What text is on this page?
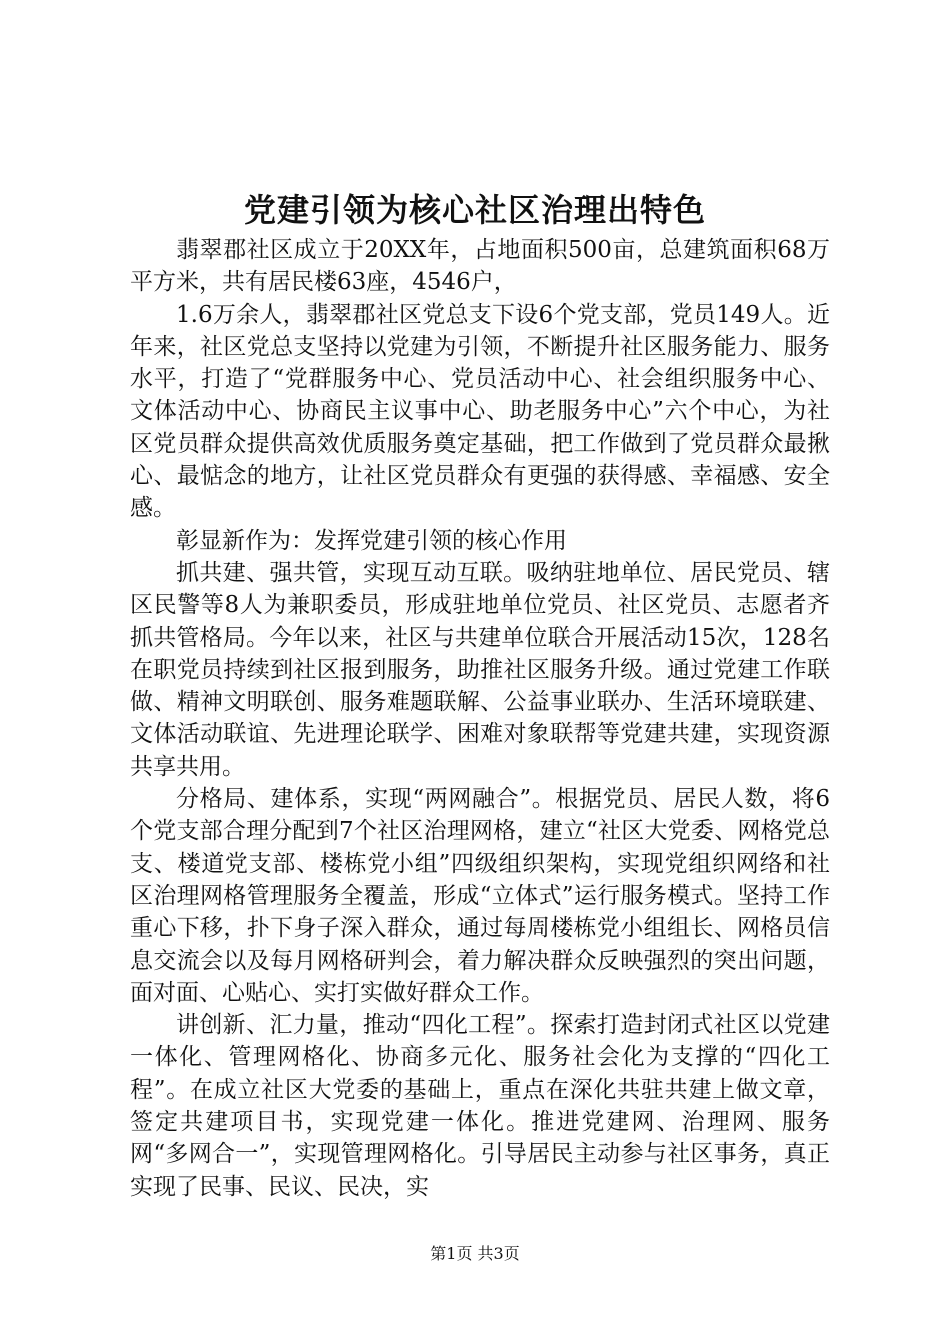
党建引领为核心社区治理出特色

翡翠郡社区成立于20XX年，占地面积500亩，总建筑面积68万平方米，共有居民楼63座，4546户，

1.6万余人，翡翠郡社区党总支下设6个党支部，党员149人。近年来，社区党总支坚持以党建为引领，不断提升社区服务能力、服务水平，打造了“党群服务中心、党员活动中心、社会组织服务中心、文体活动中心、协商民主议事中心、助老服务中心”六个中心，为社区党员群众提供高效优质服务奠定基础，把工作做到了党员群众最揪心、最惦念的地方，让社区党员群众有更强的获得感、幸福感、安全感。

彰显新作为：发挥党建引领的核心作用

抓共建、强共管，实现互动互联。吸纳驻地单位、居民党员、辖区民警等8人为兼职委员，形成驻地单位党员、社区党员、志愿者齐抓共管格局。今年以来，社区与共建单位联合开展活动15次，128名在职党员持续到社区报到服务，助推社区服务升级。通过党建工作联做、精神文明联创、服务难题联解、公益事业联办、生活环境联建、文体活动联谊、先进理论联学、困难对象联帮等党建共建，实现资源共享共用。

分格局、建体系，实现“两网融合”。根据党员、居民人数，将6个党支部合理分配到7个社区治理网格，建立“社区大党委、网格党总支、楼道党支部、楼栋党小组”四级组织架构，实现党组织网络和社区治理网格管理服务全覆盖，形成“立体式”运行服务模式。坚持工作重心下移，扑下身子深入群众，通过每周楼栋党小组组长、网格员信息交流会以及每月网格研判会，着力解决群众反映强烈的突出问题，面对面、心贴心、实打实做好群众工作。

讲创新、汇力量，推动“四化工程”。探索打造封闭式社区以党建一体化、管理网格化、协商多元化、服务社会化为支撑的“四化工程”。在成立社区大党委的基础上，重点在深化共驻共建上做文章，签定共建项目书，实现党建一体化。推进党建网、治理网、服务网“多网合一”，实现管理网格化。引导居民主动参与社区事务，真正实现了民事、民议、民决，实

第1页 共3页
